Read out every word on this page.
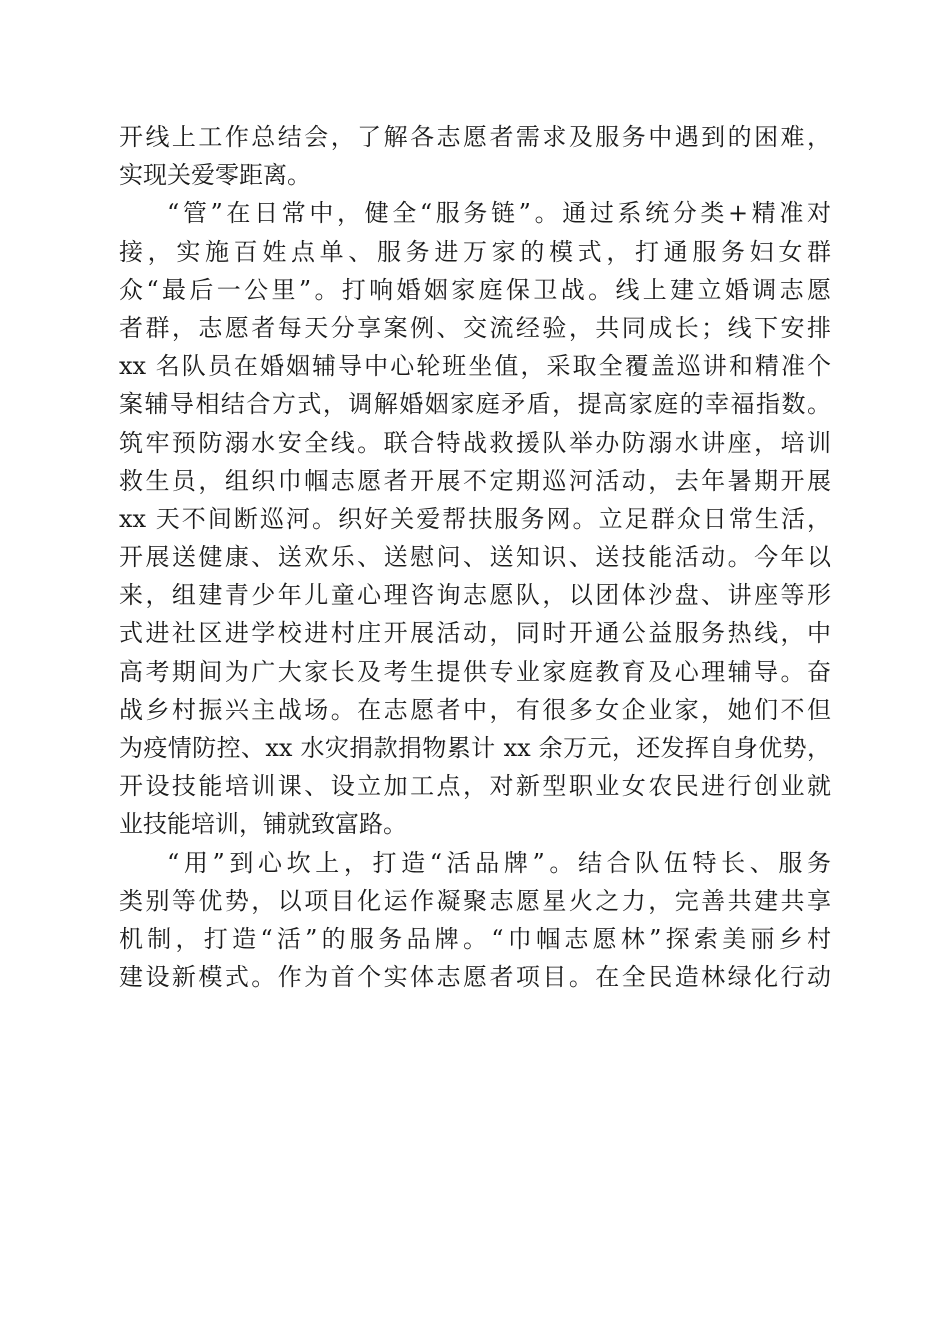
开线上工作总结会，了解各志愿者需求及服务中遇到的困难，
实现关爱零距离。
“管”在日常中，健全“服务链”。通过系统分类+精准对
接，实施百姓点单、服务进万家的模式，打通服务妇女群
众“最后一公里”。打响婚姻家庭保卫战。线上建立婚调志愿
者群，志愿者每天分享案例、交流经验，共同成长；线下安排
xx 名队员在婚姻辅导中心轮班坐值，采取全覆盖巡讲和精准个
案辅导相结合方式，调解婚姻家庭矛盾，提高家庭的幸福指数。
筑牢预防溺水安全线。联合特战救援队举办防溺水讲座，培训
救生员，组织巾帼志愿者开展不定期巡河活动，去年暑期开展
xx 天不间断巡河。织好关爱帮扶服务网。立足群众日常生活，
开展送健康、送欢乐、送慰问、送知识、送技能活动。今年以
来，组建青少年儿童心理咨询志愿队，以团体沙盘、讲座等形
式进社区进学校进村庄开展活动，同时开通公益服务热线，中
高考期间为广大家长及考生提供专业家庭教育及心理辅导。奋
战乡村振兴主战场。在志愿者中，有很多女企业家，她们不但
为疫情防控、xx 水灾捐款捐物累计 xx 余万元，还发挥自身优势，
开设技能培训课、设立加工点，对新型职业女农民进行创业就
业技能培训，铺就致富路。
“用”到心坎上，打造“活品牌”。结合队伍特长、服务
类别等优势，以项目化运作凝聚志愿星火之力，完善共建共享
机制，打造“活”的服务品牌。“巾帼志愿林”探索美丽乡村
建设新模式。作为首个实体志愿者项目。在全民造林绿化行动
